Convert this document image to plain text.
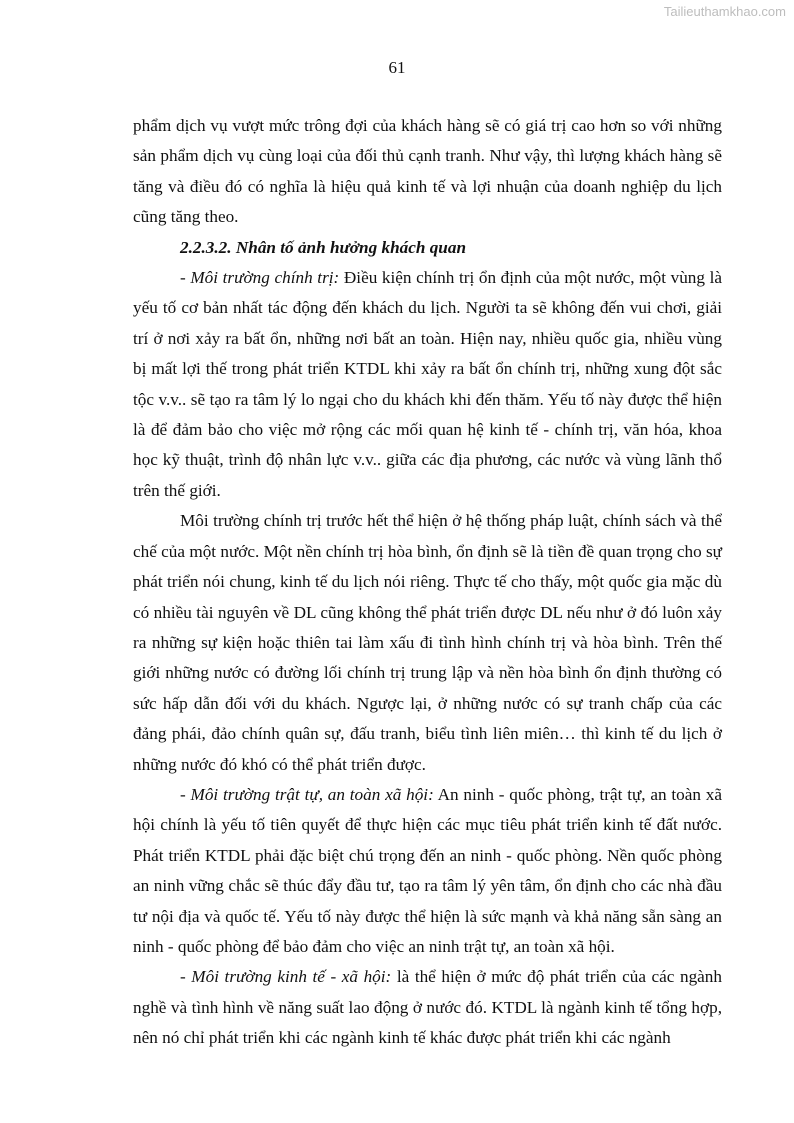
Tailieuthamkhao.com
61

phẩm dịch vụ vượt mức trông đợi của khách hàng sẽ có giá trị cao hơn so với những sản phẩm dịch vụ cùng loại của đối thủ cạnh tranh. Như vậy, thì lượng khách hàng sẽ tăng và điều đó có nghĩa là hiệu quả kinh tế và lợi nhuận của doanh nghiệp du lịch cũng tăng theo.

2.2.3.2. Nhân tố ảnh hưởng khách quan

- Môi trường chính trị: Điều kiện chính trị ổn định của một nước, một vùng là yếu tố cơ bản nhất tác động đến khách du lịch. Người ta sẽ không đến vui chơi, giải trí ở nơi xảy ra bất ổn, những nơi bất an toàn. Hiện nay, nhiều quốc gia, nhiều vùng bị mất lợi thế trong phát triển KTDL khi xảy ra bất ổn chính trị, những xung đột sắc tộc v.v.. sẽ tạo ra tâm lý lo ngại cho du khách khi đến thăm. Yếu tố này được thể hiện là để đảm bảo cho việc mở rộng các mối quan hệ kinh tế - chính trị, văn hóa, khoa học kỹ thuật, trình độ nhân lực v.v.. giữa các địa phương, các nước và vùng lãnh thổ trên thế giới.

Môi trường chính trị trước hết thể hiện ở hệ thống pháp luật, chính sách và thể chế của một nước. Một nền chính trị hòa bình, ổn định sẽ là tiền đề quan trọng cho sự phát triển nói chung, kinh tế du lịch nói riêng. Thực tế cho thấy, một quốc gia mặc dù có nhiều tài nguyên về DL cũng không thể phát triển được DL nếu như ở đó luôn xảy ra những sự kiện hoặc thiên tai làm xấu đi tình hình chính trị và hòa bình. Trên thế giới những nước có đường lối chính trị trung lập và nền hòa bình ổn định thường có sức hấp dẫn đối với du khách. Ngược lại, ở những nước có sự tranh chấp của các đảng phái, đảo chính quân sự, đấu tranh, biểu tình liên miên… thì kinh tế du lịch ở những nước đó khó có thể phát triển được.

- Môi trường trật tự, an toàn xã hội: An ninh - quốc phòng, trật tự, an toàn xã hội chính là yếu tố tiên quyết để thực hiện các mục tiêu phát triển kinh tế đất nước. Phát triển KTDL phải đặc biệt chú trọng đến an ninh - quốc phòng. Nền quốc phòng an ninh vững chắc sẽ thúc đẩy đầu tư, tạo ra tâm lý yên tâm, ổn định cho các nhà đầu tư nội địa và quốc tế. Yếu tố này được thể hiện là sức mạnh và khả năng sẵn sàng an ninh - quốc phòng để bảo đảm cho việc an ninh trật tự, an toàn xã hội.

- Môi trường kinh tế - xã hội: là thể hiện ở mức độ phát triển của các ngành nghề và tình hình về năng suất lao động ở nước đó. KTDL là ngành kinh tế tổng hợp, nên nó chỉ phát triển khi các ngành kinh tế khác được phát triển khi các ngành
